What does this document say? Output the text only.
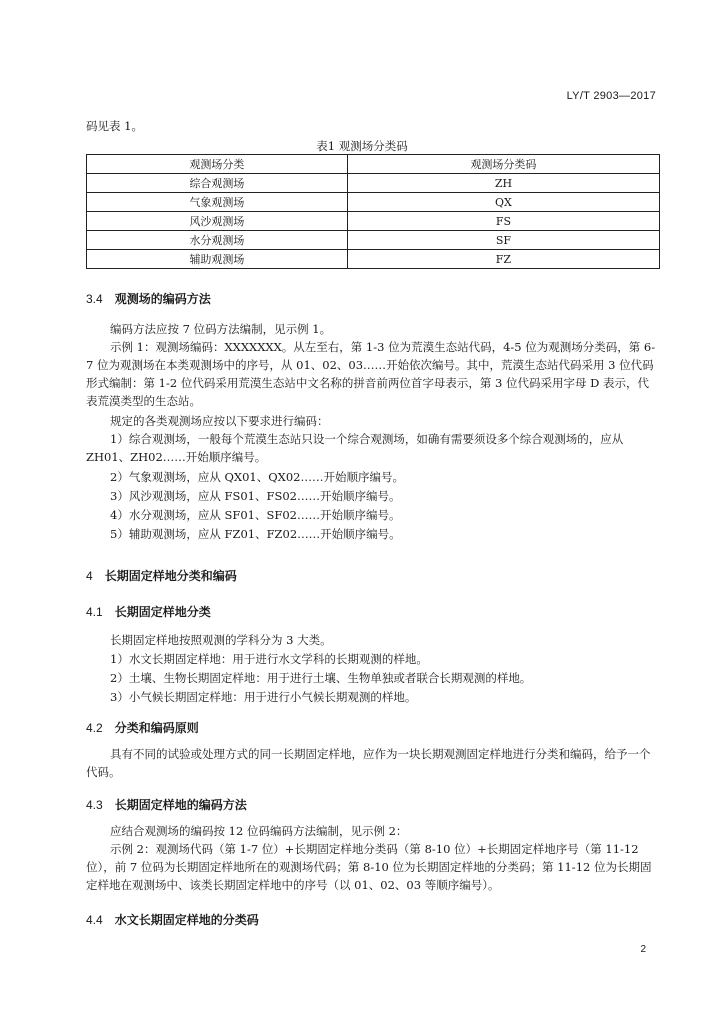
LY/T 2903—2017

码见表 1。

表1 观测场分类码
观测场分类	观测场分类码
综合观测场	ZH
气象观测场	QX
风沙观测场	FS
水分观测场	SF
辅助观测场	FZ
3.4 观测场的编码方法

编码方法应按 7 位码方法编制，见示例 1。

示例 1：观测场编码：XXXXXXX。从左至右，第 1-3 位为荒漠生态站代码，4-5 位为观测场分类码，第 6-7 位为观测场在本类观测场中的序号，从 01、02、03……开始依次编号。其中，荒漠生态站代码采用 3 位代码形式编制：第 1-2 位代码采用荒漠生态站中文名称的拼音前两位首字母表示，第 3 位代码采用字母 D 表示，代表荒漠类型的生态站。

规定的各类观测场应按以下要求进行编码：

1）综合观测场，一般每个荒漠生态站只设一个综合观测场，如确有需要须设多个综合观测场的，应从 ZH01、ZH02……开始顺序编号。

2）气象观测场，应从 QX01、QX02……开始顺序编号。

3）风沙观测场，应从 FS01、FS02……开始顺序编号。

4）水分观测场，应从 SF01、SF02……开始顺序编号。

5）辅助观测场，应从 FZ01、FZ02……开始顺序编号。

4 长期固定样地分类和编码
4.1 长期固定样地分类

长期固定样地按照观测的学科分为 3 大类。

1）水文长期固定样地：用于进行水文学科的长期观测的样地。

2）土壤、生物长期固定样地：用于进行土壤、生物单独或者联合长期观测的样地。

3）小气候长期固定样地：用于进行小气候长期观测的样地。

4.2 分类和编码原则

具有不同的试验或处理方式的同一长期固定样地，应作为一块长期观测固定样地进行分类和编码，给予一个代码。

4.3 长期固定样地的编码方法

应结合观测场的编码按 12 位码编码方法编制，见示例 2：

示例 2：观测场代码（第 1-7 位）+长期固定样地分类码（第 8-10 位）+长期固定样地序号（第 11-12 位），前 7 位码为长期固定样地所在的观测场代码；第 8-10 位为长期固定样地的分类码；第 11-12 位为长期固定样地在观测场中、该类长期固定样地中的序号（以 01、02、03 等顺序编号）。

4.4 水文长期固定样地的分类码
2
